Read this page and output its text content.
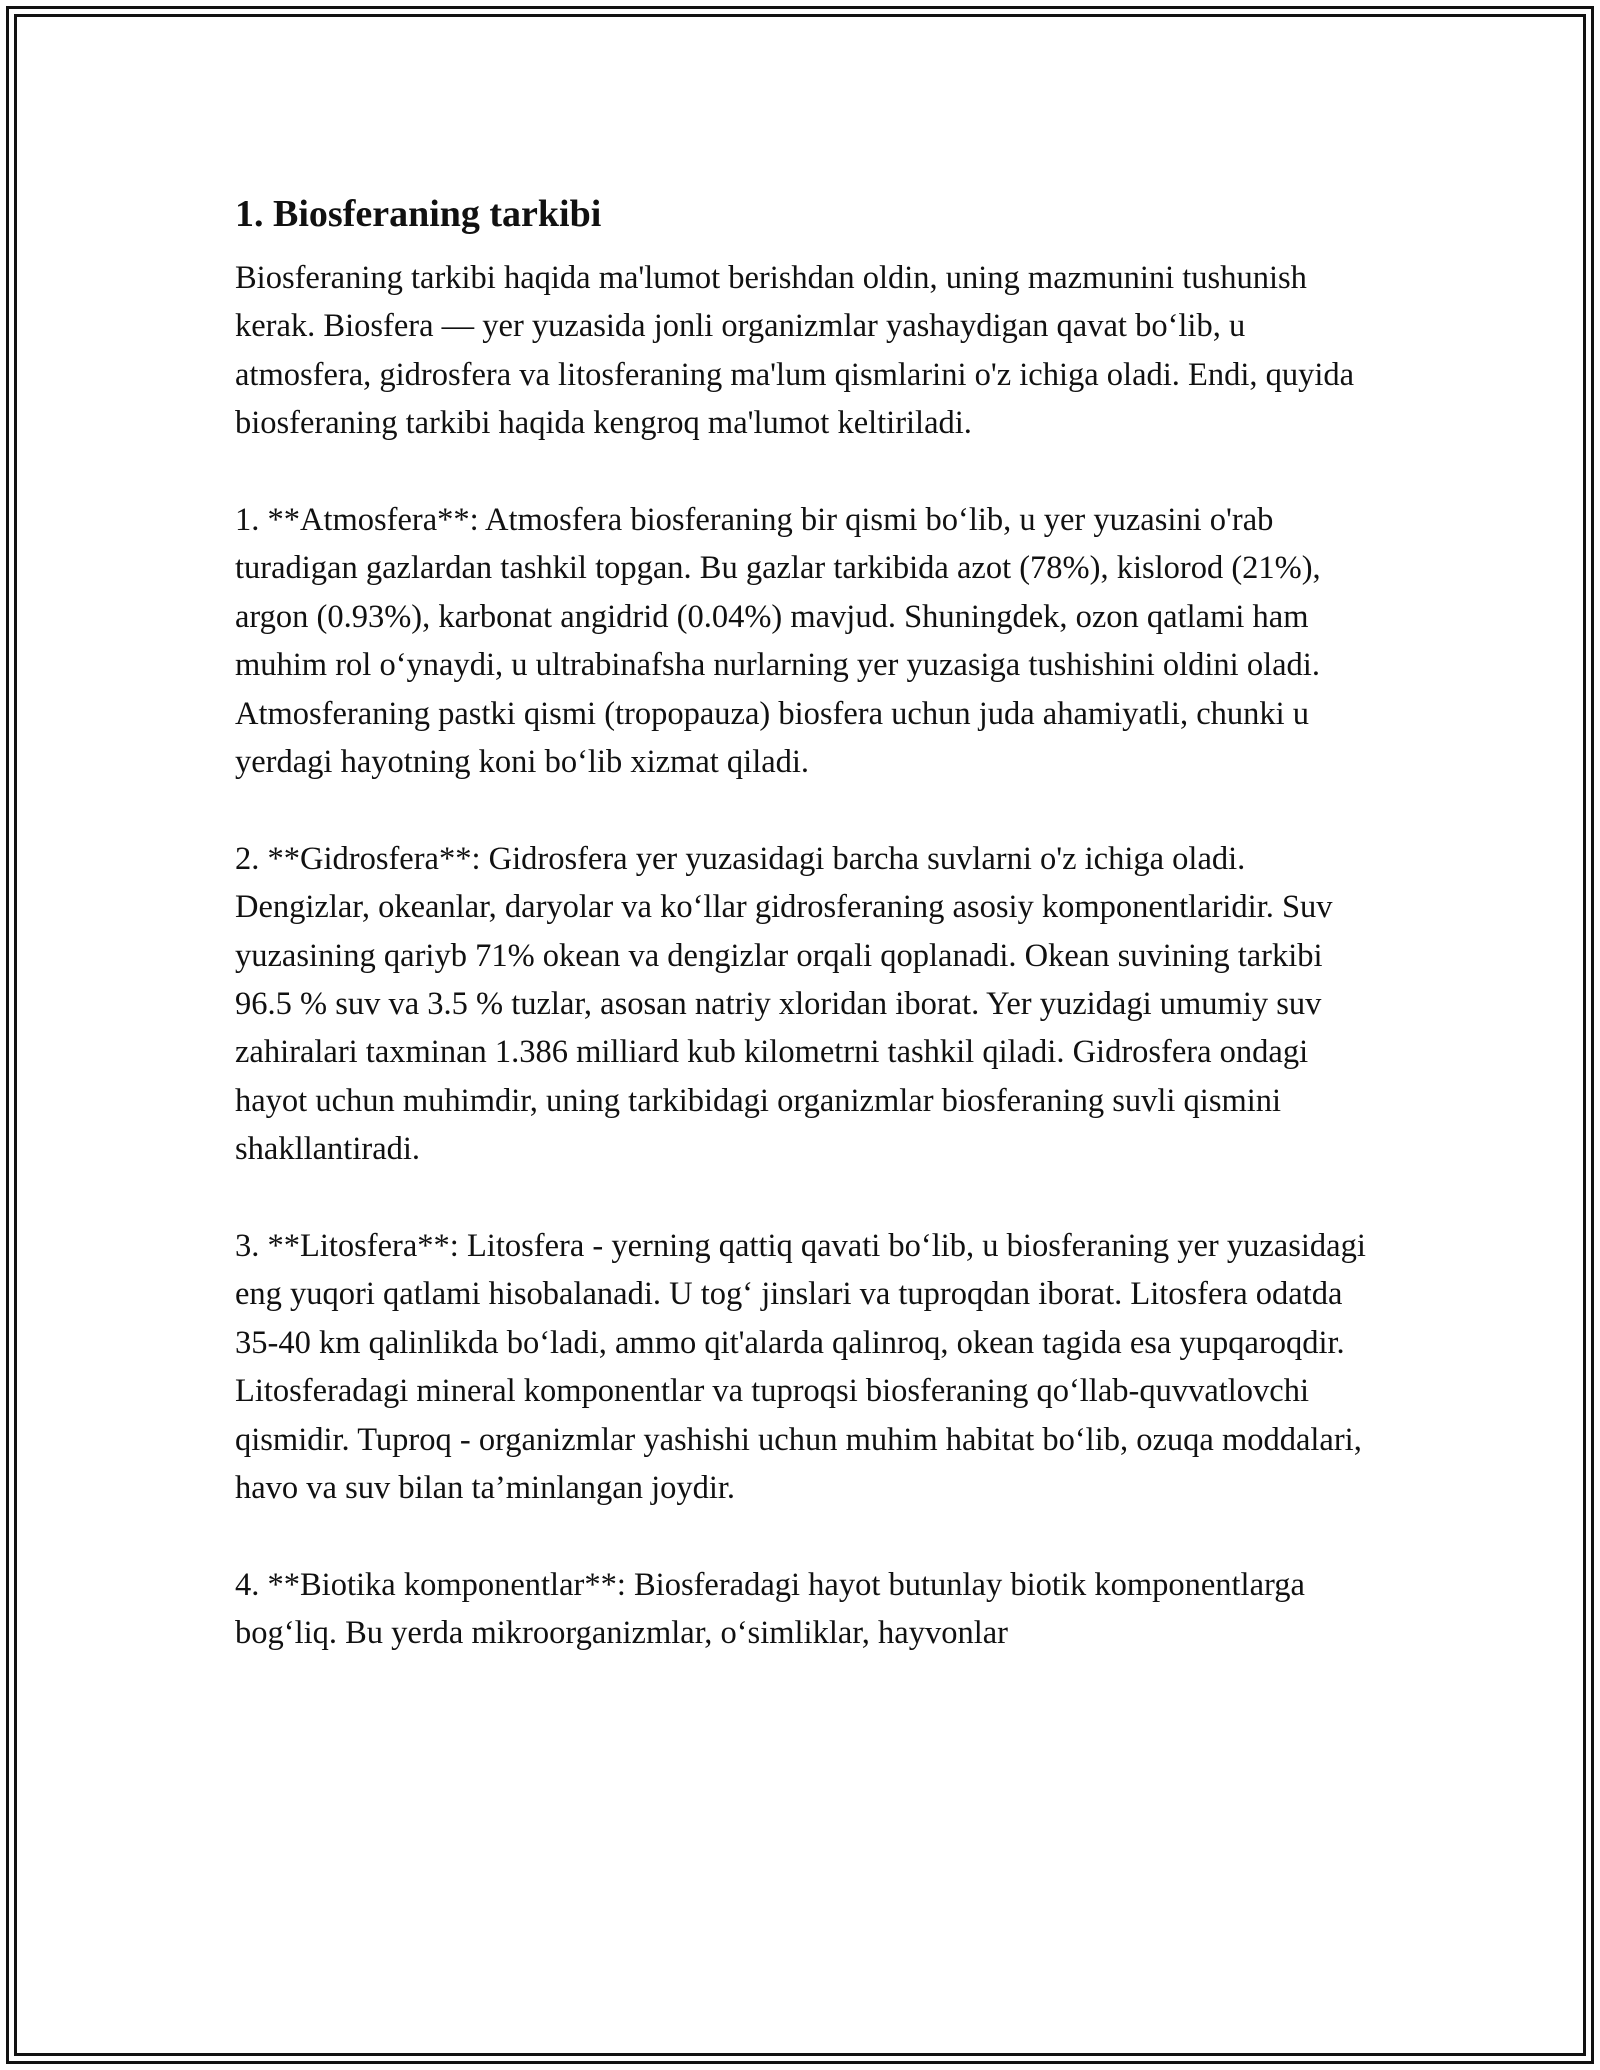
1. Biosferaning tarkibi

Biosferaning tarkibi haqida ma'lumot berishdan oldin, uning mazmunini tushunish kerak. Biosfera — yer yuzasida jonli organizmlar yashaydigan qavat bo‘lib, u atmosfera, gidrosfera va litosferaning ma'lum qismlarini o'z ichiga oladi. Endi, quyida biosferaning tarkibi haqida kengroq ma'lumot keltiriladi.

1. **Atmosfera**: Atmosfera biosferaning bir qismi bo‘lib, u yer yuzasini o'rab turadigan gazlardan tashkil topgan. Bu gazlar tarkibida azot (78%), kislorod (21%), argon (0.93%), karbonat angidrid (0.04%) mavjud. Shuningdek, ozon qatlami ham muhim rol o‘ynaydi, u ultrabinafsha nurlarning yer yuzasiga tushishini oldini oladi. Atmosferaning pastki qismi (tropopauza) biosfera uchun juda ahamiyatli, chunki u yerdagi hayotning koni bo‘lib xizmat qiladi.

2. **Gidrosfera**: Gidrosfera yer yuzasidagi barcha suvlarni o'z ichiga oladi. Dengizlar, okeanlar, daryolar va ko‘llar gidrosferaning asosiy komponentlaridir. Suv yuzasining qariyb 71% okean va dengizlar orqali qoplanadi. Okean suvining tarkibi 96.5 % suv va 3.5 % tuzlar, asosan natriy xloridan iborat. Yer yuzidagi umumiy suv zahiralari taxminan 1.386 milliard kub kilometrni tashkil qiladi. Gidrosfera ondagi hayot uchun muhimdir, uning tarkibidagi organizmlar biosferaning suvli qismini shakllantiradi.

3. **Litosfera**: Litosfera - yerning qattiq qavati bo‘lib, u biosferaning yer yuzasidagi eng yuqori qatlami hisobalanadi. U tog‘ jinslari va tuproqdan iborat. Litosfera odatda 35-40 km qalinlikda bo‘ladi, ammo qit'alarda qalinroq, okean tagida esa yupqaroqdir. Litosferadagi mineral komponentlar va tuproqsi biosferaning qo‘llab-quvvatlovchi qismidir. Tuproq - organizmlar yashishi uchun muhim habitat bo‘lib, ozuqa moddalari, havo va suv bilan ta’minlangan joydir.

4. **Biotika komponentlar**: Biosferadagi hayot butunlay biotik komponentlarga bog‘liq. Bu yerda mikroorganizmlar, o‘simliklar, hayvonlar
